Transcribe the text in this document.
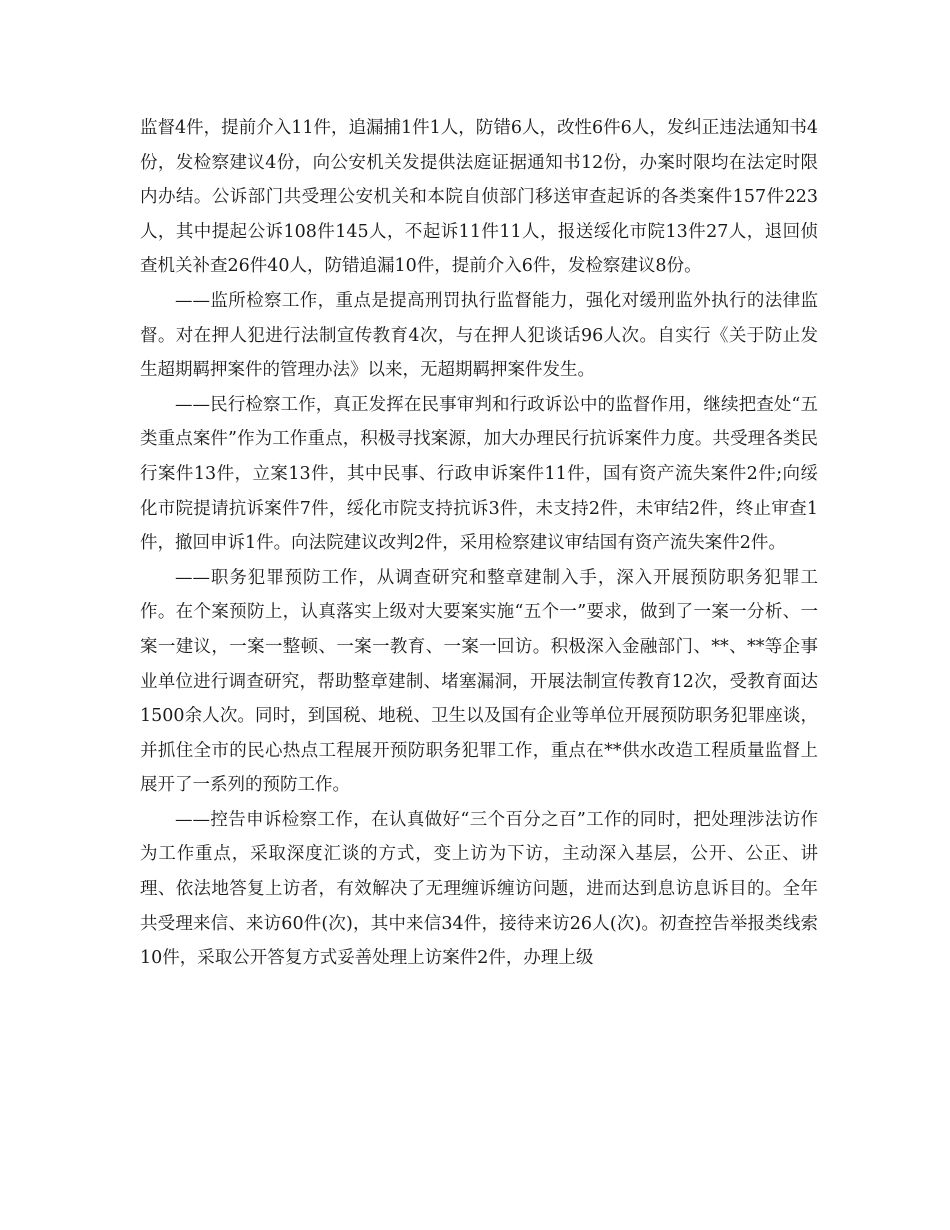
监督4件，提前介入11件，追漏捕1件1人，防错6人，改性6件6人，发纠正违法通知书4份，发检察建议4份，向公安机关发提供法庭证据通知书12份，办案时限均在法定时限内办结。公诉部门共受理公安机关和本院自侦部门移送审查起诉的各类案件157件223人，其中提起公诉108件145人，不起诉11件11人，报送绥化市院13件27人，退回侦查机关补查26件40人，防错追漏10件，提前介入6件，发检察建议8份。

——监所检察工作，重点是提高刑罚执行监督能力，强化对缓刑监外执行的法律监督。对在押人犯进行法制宣传教育4次，与在押人犯谈话96人次。自实行《关于防止发生超期羁押案件的管理办法》以来，无超期羁押案件发生。

——民行检察工作，真正发挥在民事审判和行政诉讼中的监督作用，继续把查处“五类重点案件”作为工作重点，积极寻找案源，加大办理民行抗诉案件力度。共受理各类民行案件13件，立案13件，其中民事、行政申诉案件11件，国有资产流失案件2件;向绥化市院提请抗诉案件7件，绥化市院支持抗诉3件，未支持2件，未审结2件，终止审查1件，撤回申诉1件。向法院建议改判2件，采用检察建议审结国有资产流失案件2件。

——职务犯罪预防工作，从调查研究和整章建制入手，深入开展预防职务犯罪工作。在个案预防上，认真落实上级对大要案实施“五个一”要求，做到了一案一分析、一案一建议，一案一整顿、一案一教育、一案一回访。积极深入金融部门、**、**等企事业单位进行调查研究，帮助整章建制、堵塞漏洞，开展法制宣传教育12次，受教育面达1500余人次。同时，到国税、地税、卫生以及国有企业等单位开展预防职务犯罪座谈，并抓住全市的民心热点工程展开预防职务犯罪工作，重点在**供水改造工程质量监督上展开了一系列的预防工作。

——控告申诉检察工作，在认真做好“三个百分之百”工作的同时，把处理涉法访作为工作重点，采取深度汇谈的方式，变上访为下访，主动深入基层，公开、公正、讲理、依法地答复上访者，有效解决了无理缠诉缠访问题，进而达到息访息诉目的。全年共受理来信、来访60件(次)，其中来信34件，接待来访26人(次)。初查控告举报类线索10件，采取公开答复方式妥善处理上访案件2件，办理上级
